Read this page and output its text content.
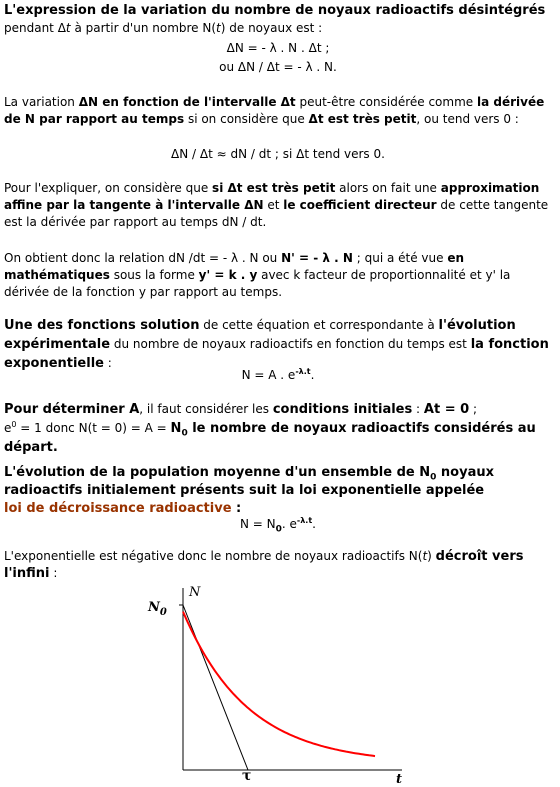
L'expression de la variation du nombre de noyaux radioactifs désintégrés pendant Δt à partir d'un nombre N(t) de noyaux est :
ΔN = - λ . N . Δt ;
ou ΔN / Δt = - λ . N.
La variation ΔN en fonction de l'intervalle Δt peut-être considérée comme la dérivée de N par rapport au temps si on considère que Δt est très petit, ou tend vers 0 :
ΔN / Δt ≈ dN / dt ; si Δt tend vers 0.
Pour l'expliquer, on considère que si Δt est très petit alors on fait une approximation affine par la tangente à l'intervalle ΔN et le coefficient directeur de cette tangente est la dérivée par rapport au temps dN / dt.
On obtient donc la relation dN /dt = - λ . N ou N' = - λ . N ; qui a été vue en mathématiques sous la forme y' = k . y avec k facteur de proportionnalité et y' la dérivée de la fonction y par rapport au temps.
Une des fonctions solution de cette équation et correspondante à l'évolution expérimentale du nombre de noyaux radioactifs en fonction du temps est la fonction exponentielle :
N = A . $e^{-\lambda.t}$.
Pour déterminer A, il faut considérer les conditions initiales : At = 0 ;
$e^0 = 1$ donc $N(t = 0) = A = N_0$ le nombre de noyaux radioactifs considérés au départ.
L'évolution de la population moyenne d'un ensemble de $N_0$ noyaux radioactifs initialement présents suit la loi exponentielle appelée
loi de décroissance radioactive :
$N = N_0$. $e^{-\lambda.t}$.
L'exponentielle est négative donc le nombre de noyaux radioactifs N(t) décroît vers l'infini :
N
$N_0$
τ	t
